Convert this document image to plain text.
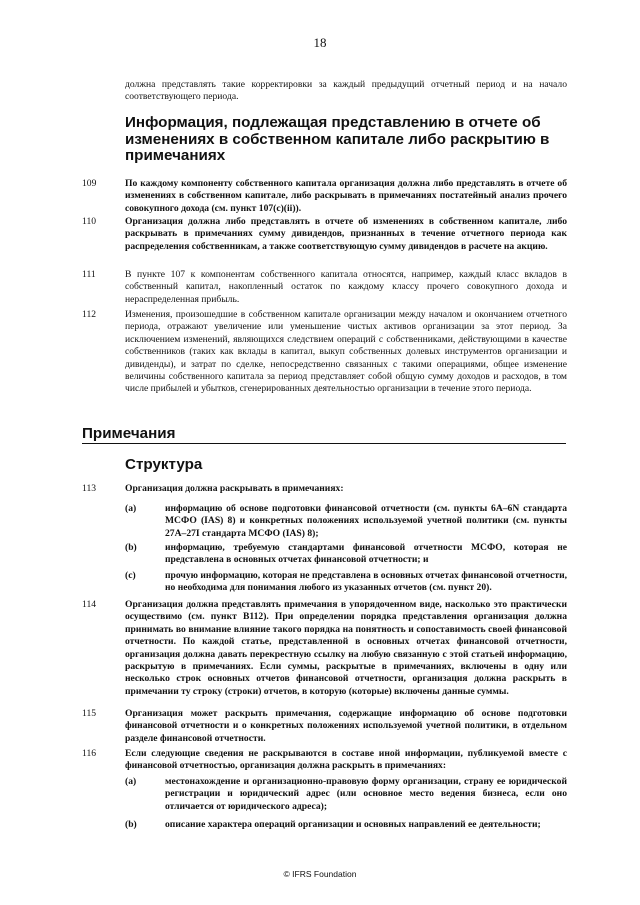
18

должна представлять такие корректировки за каждый предыдущий отчетный период и на начало соответствующего периода.

Информация, подлежащая представлению в отчете об изменениях в собственном капитале либо раскрытию в примечаниях
109	По каждому компоненту собственного капитала организация должна либо представлять в отчете об изменениях в собственном капитале, либо раскрывать в примечаниях постатейный анализ прочего совокупного дохода (см. пункт 107(с)(ii)).

110	Организация должна либо представлять в отчете об изменениях в собственном капитале, либо раскрывать в примечаниях сумму дивидендов, признанных в течение отчетного периода как распределения собственникам, а также соответствующую сумму дивидендов в расчете на акцию.

111	В пункте 107 к компонентам собственного капитала относятся, например, каждый класс вкладов в собственный капитал, накопленный остаток по каждому классу прочего совокупного дохода и нераспределенная прибыль.

112	Изменения, произошедшие в собственном капитале организации между началом и окончанием отчетного периода, отражают увеличение или уменьшение чистых активов организации за этот период. За исключением изменений, являющихся следствием операций с собственниками, действующими в качестве собственников (таких как вклады в капитал, выкуп собственных долевых инструментов организации и дивиденды), и затрат по сделке, непосредственно связанных с такими операциями, общее изменение величины собственного капитала за период представляет собой общую сумму доходов и расходов, в том числе прибылей и убытков, сгенерированных деятельностью организации в течение этого периода.

Примечания
Структура
113	Организация должна раскрывать в примечаниях:

(a)	информацию об основе подготовки финансовой отчетности (см. пункты 6А–6N стандарта МСФО (IAS) 8) и конкретных положениях используемой учетной политики (см. пункты 27А–27I стандарта МСФО (IAS) 8);

(b)	информацию, требуемую стандартами финансовой отчетности МСФО, которая не представлена в основных отчетах финансовой отчетности; и

(c)	прочую информацию, которая не представлена в основных отчетах финансовой отчетности, но необходима для понимания любого из указанных отчетов (см. пункт 20).

114	Организация должна представлять примечания в упорядоченном виде, насколько это практически осуществимо (см. пункт В112). При определении порядка представления организация должна принимать во внимание влияние такого порядка на понятность и сопоставимость своей финансовой отчетности. По каждой статье, представленной в основных отчетах финансовой отчетности, организация должна давать перекрестную ссылку на любую связанную с этой статьей информацию, раскрытую в примечаниях. Если суммы, раскрытые в примечаниях, включены в одну или несколько строк основных отчетов финансовой отчетности, организация должна раскрыть в примечании ту строку (строки) отчетов, в которую (которые) включены данные суммы.

115	Организация может раскрыть примечания, содержащие информацию об основе подготовки финансовой отчетности и о конкретных положениях используемой учетной политики, в отдельном разделе финансовой отчетности.

116	Если следующие сведения не раскрываются в составе иной информации, публикуемой вместе с финансовой отчетностью, организация должна раскрыть в примечаниях:

(a)	местонахождение и организационно-правовую форму организации, страну ее юридической регистрации и юридический адрес (или основное место ведения бизнеса, если оно отличается от юридического адреса);

(b)	описание характера операций организации и основных направлений ее деятельности;

© IFRS Foundation
